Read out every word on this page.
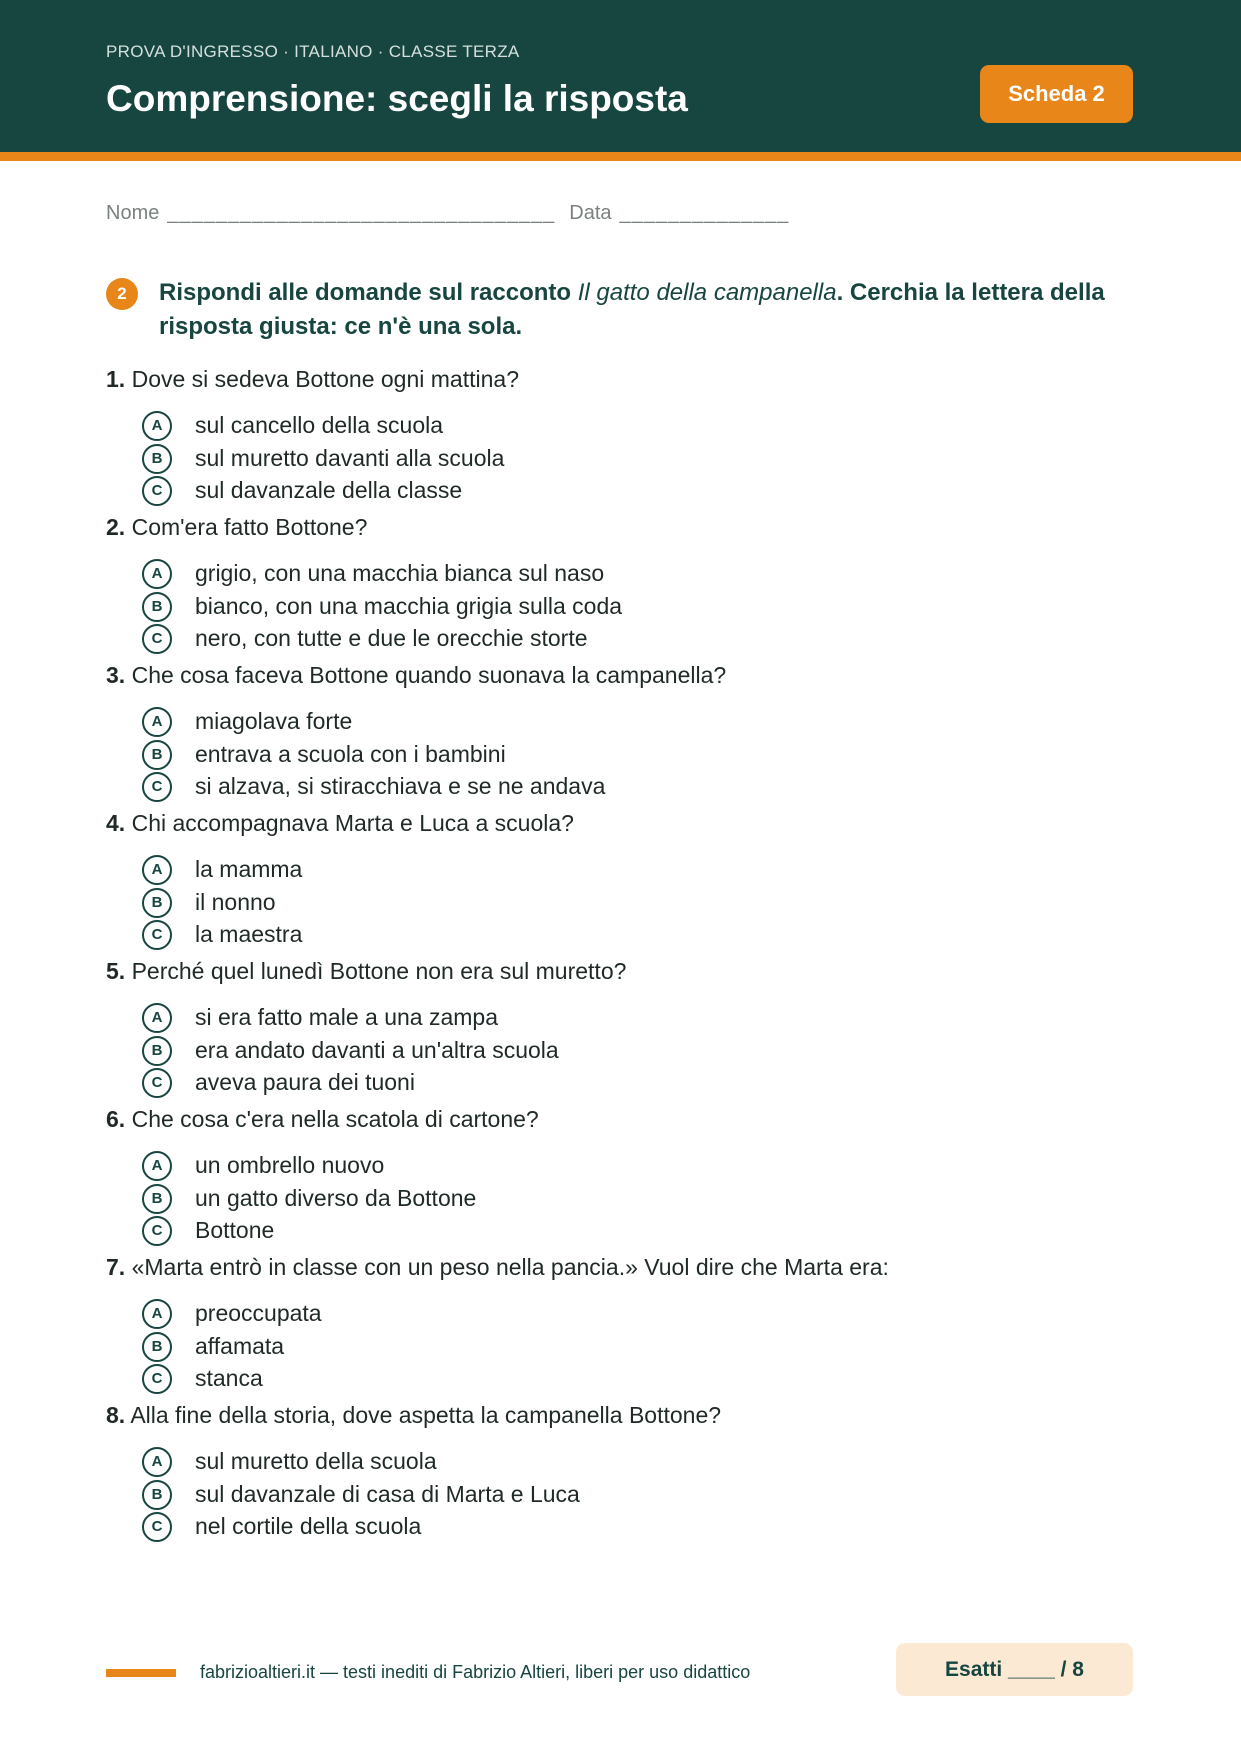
PROVA D'INGRESSO · ITALIANO · CLASSE TERZA
Comprensione: scegli la risposta	Scheda 2
Nome ________________________________ Data ______________
2	Rispondi alle domande sul racconto Il gatto della campanella. Cerchia la lettera della risposta giusta: ce n'è una sola.
1. Dove si sedeva Bottone ogni mattina?
A	sul cancello della scuola
B	sul muretto davanti alla scuola
C	sul davanzale della classe
2. Com'era fatto Bottone?
A	grigio, con una macchia bianca sul naso
B	bianco, con una macchia grigia sulla coda
C	nero, con tutte e due le orecchie storte
3. Che cosa faceva Bottone quando suonava la campanella?
A	miagolava forte
B	entrava a scuola con i bambini
C	si alzava, si stiracchiava e se ne andava
4. Chi accompagnava Marta e Luca a scuola?
A	la mamma
B	il nonno
C	la maestra
5. Perché quel lunedì Bottone non era sul muretto?
A	si era fatto male a una zampa
B	era andato davanti a un'altra scuola
C	aveva paura dei tuoni
6. Che cosa c'era nella scatola di cartone?
A	un ombrello nuovo
B	un gatto diverso da Bottone
C	Bottone
7. «Marta entrò in classe con un peso nella pancia.» Vuol dire che Marta era:
A	preoccupata
B	affamata
C	stanca
8. Alla fine della storia, dove aspetta la campanella Bottone?
A	sul muretto della scuola
B	sul davanzale di casa di Marta e Luca
C	nel cortile della scuola
fabrizioaltieri.it — testi inediti di Fabrizio Altieri, liberi per uso didattico	Esatti ____ / 8
